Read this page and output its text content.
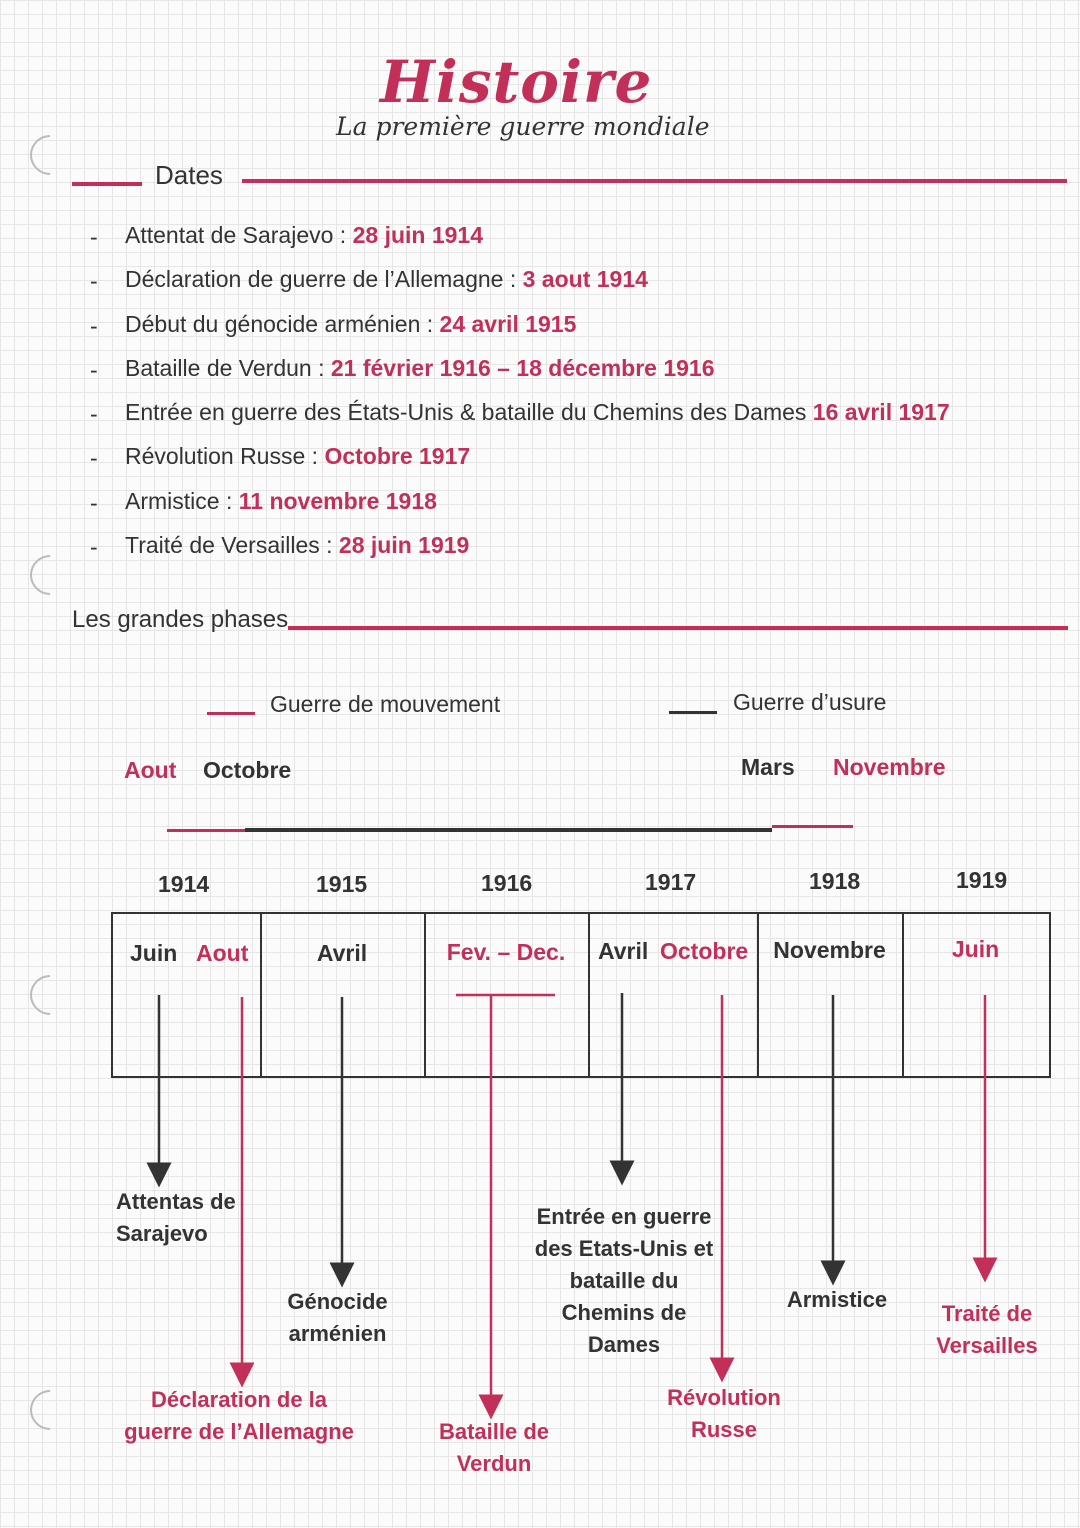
Histoire
La première guerre mondiale
Dates
- Attentat de Sarajevo : 28 juin 1914
- Déclaration de guerre de l’Allemagne : 3 aout 1914
- Début du génocide arménien : 24 avril 1915
- Bataille de Verdun : 21 février 1916 – 18 décembre 1916
- Entrée en guerre des États-Unis & bataille du Chemins des Dames 16 avril 1917
- Révolution Russe : Octobre 1917
- Armistice : 11 novembre 1918
- Traité de Versailles : 28 juin 1919
Les grandes phases
Guerre de mouvement	Guerre d’usure
Aout Octobre	Mars Novembre
1914	1915	1916	1917	1918	1919
Juin Aout	Avril	Fev. – Dec.	Avril Octobre	Novembre	Juin
Attentas de Sarajevo
Génocide arménien
Déclaration de la guerre de l’Allemagne	Bataille de Verdun
Entrée en guerre des Etats-Unis et bataille du Chemins de Dames
Révolution Russe
Armistice
Traité de Versailles
